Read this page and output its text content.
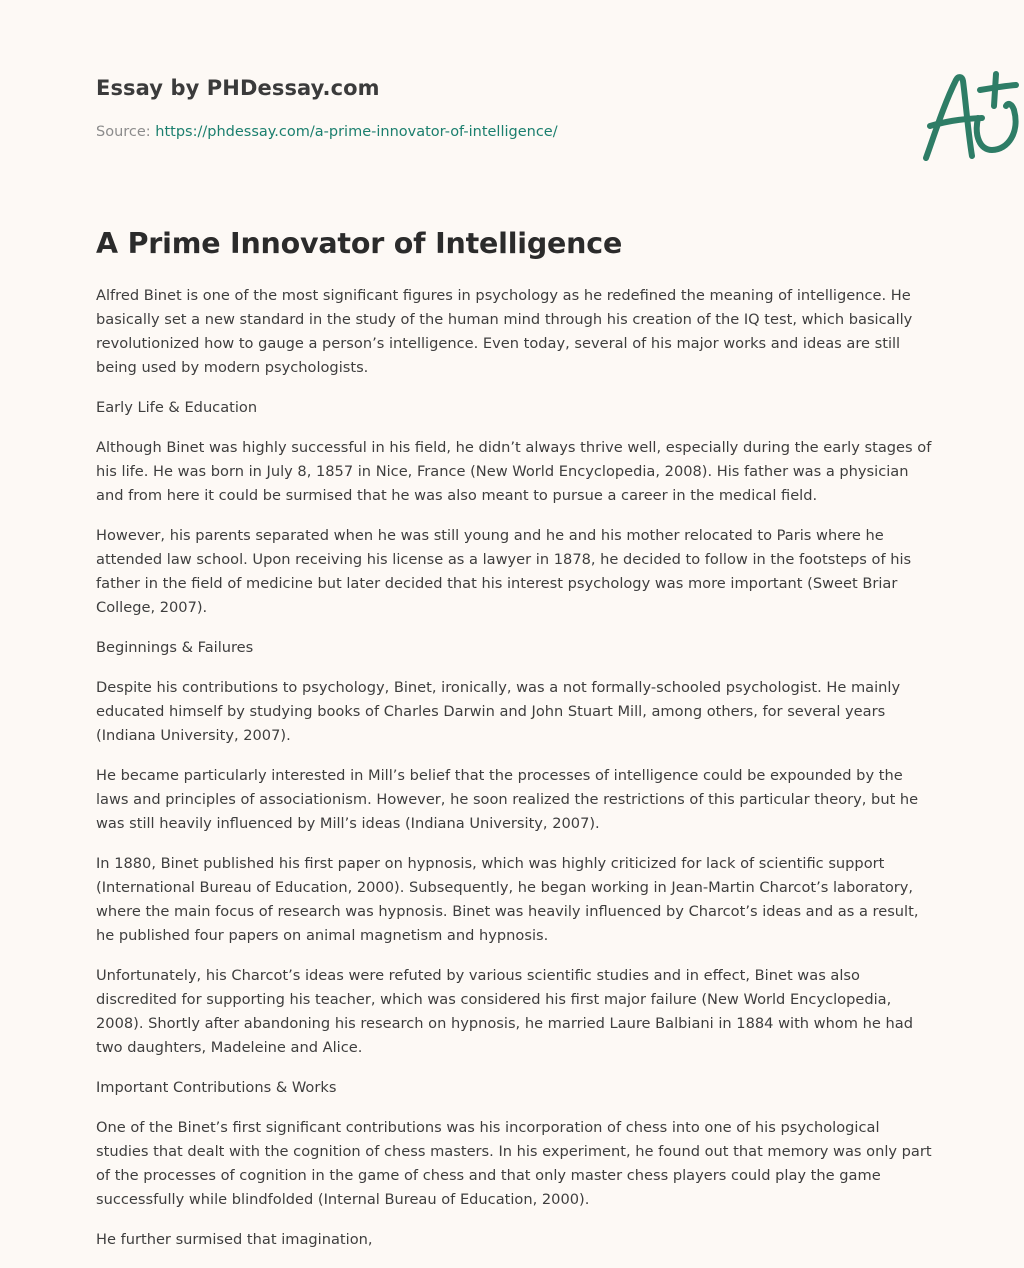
Essay by PHDessay.com

Source: https://phdessay.com/a-prime-innovator-of-intelligence/

A Prime Innovator of Intelligence

Alfred Binet is one of the most significant figures in psychology as he redefined the meaning of intelligence. He basically set a new standard in the study of the human mind through his creation of the IQ test, which basically revolutionized how to gauge a person’s intelligence. Even today, several of his major works and ideas are still being used by modern psychologists.

Early Life & Education

Although Binet was highly successful in his field, he didn’t always thrive well, especially during the early stages of his life. He was born in July 8, 1857 in Nice, France (New World Encyclopedia, 2008). His father was a physician and from here it could be surmised that he was also meant to pursue a career in the medical field.

However, his parents separated when he was still young and he and his mother relocated to Paris where he attended law school. Upon receiving his license as a lawyer in 1878, he decided to follow in the footsteps of his father in the field of medicine but later decided that his interest psychology was more important (Sweet Briar College, 2007).

Beginnings & Failures

Despite his contributions to psychology, Binet, ironically, was a not formally-schooled psychologist. He mainly educated himself by studying books of Charles Darwin and John Stuart Mill, among others, for several years (Indiana University, 2007).

He became particularly interested in Mill’s belief that the processes of intelligence could be expounded by the laws and principles of associationism. However, he soon realized the restrictions of this particular theory, but he was still heavily influenced by Mill’s ideas (Indiana University, 2007).

In 1880, Binet published his first paper on hypnosis, which was highly criticized for lack of scientific support (International Bureau of Education, 2000). Subsequently, he began working in Jean-Martin Charcot’s laboratory, where the main focus of research was hypnosis. Binet was heavily influenced by Charcot’s ideas and as a result, he published four papers on animal magnetism and hypnosis.

Unfortunately, his Charcot’s ideas were refuted by various scientific studies and in effect, Binet was also discredited for supporting his teacher, which was considered his first major failure (New World Encyclopedia, 2008). Shortly after abandoning his research on hypnosis, he married Laure Balbiani in 1884 with whom he had two daughters, Madeleine and Alice.

Important Contributions & Works

One of the Binet’s first significant contributions was his incorporation of chess into one of his psychological studies that dealt with the cognition of chess masters. In his experiment, he found out that memory was only part of the processes of cognition in the game of chess and that only master chess players could play the game successfully while blindfolded (Internal Bureau of Education, 2000).

He further surmised that imagination,
